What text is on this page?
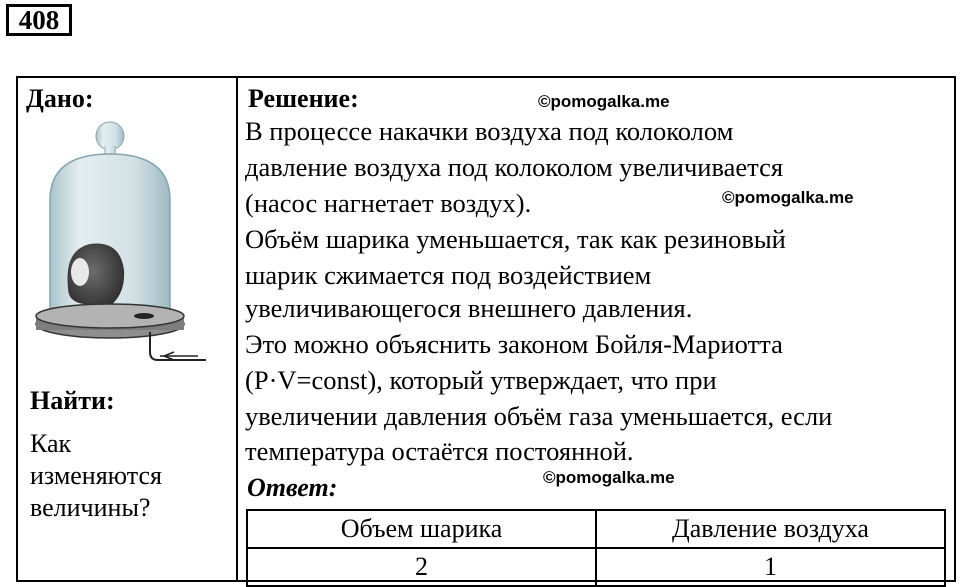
408
Дано:
Найти:
Как
изменяются
величины?
Решение:
В процессе накачки воздуха под колоколом
давление воздуха под колоколом увеличивается
(насос нагнетает воздух).
Объём шарика уменьшается, так как резиновый
шарик сжимается под воздействием
увеличивающегося внешнего давления.
Это можно объяснить законом Бойля-Мариотта
(P·V=const), который утверждает, что при
увеличении давления объём газа уменьшается, если
температура остаётся постоянной.
©pomogalka.me
©pomogalka.me
©pomogalka.me
Ответ:
Объем шарика	Давление воздуха
2	1
